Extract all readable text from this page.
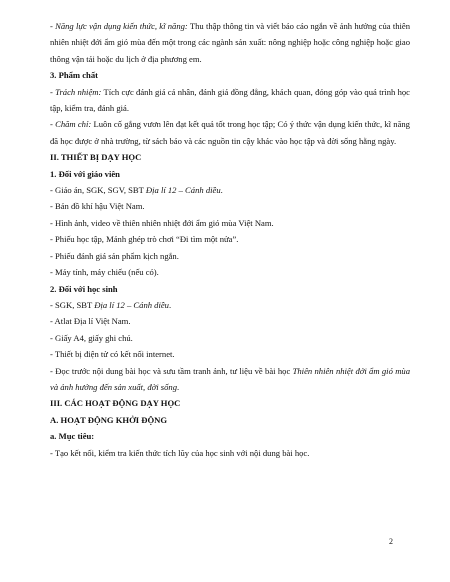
- Năng lực vận dụng kiến thức, kĩ năng: Thu thập thông tin và viết báo cáo ngắn về ảnh hưởng của thiên nhiên nhiệt đới ẩm gió mùa đến một trong các ngành sản xuất: nông nghiệp hoặc công nghiệp hoặc giao thông vận tải hoặc du lịch ở địa phương em.

3. Phẩm chất

- Trách nhiệm: Tích cực đánh giá cá nhân, đánh giá đồng đẳng, khách quan, đóng góp vào quá trình học tập, kiểm tra, đánh giá.

- Chăm chỉ: Luôn cố gắng vươn lên đạt kết quả tốt trong học tập; Có ý thức vận dụng kiến thức, kĩ năng đã học được ở nhà trường, từ sách báo và các nguồn tin cậy khác vào học tập và đời sống hằng ngày.

II. THIẾT BỊ DẠY HỌC

1. Đối với giáo viên

- Giáo án, SGK, SGV, SBT Địa lí 12 – Cánh diều.

- Bản đồ khí hậu Việt Nam.

- Hình ảnh, video về thiên nhiên nhiệt đới ẩm gió mùa Việt Nam.

- Phiếu học tập, Mảnh ghép trò chơi “Đi tìm một nửa”.

- Phiếu đánh giá sản phẩm kịch ngắn.

- Máy tính, máy chiếu (nếu có).

2. Đối với học sinh

- SGK, SBT Địa lí 12 – Cánh diều.

- Atlat Địa lí Việt Nam.

- Giấy A4, giấy ghi chú.

- Thiết bị điện tử có kết nối internet.

- Đọc trước nội dung bài học và sưu tầm tranh ảnh, tư liệu về bài học Thiên nhiên nhiệt đới ẩm gió mùa và ảnh hưởng đến sản xuất, đời sống.

III. CÁC HOẠT ĐỘNG DẠY HỌC

A. HOẠT ĐỘNG KHỞI ĐỘNG

a. Mục tiêu:

- Tạo kết nối, kiểm tra kiến thức tích lũy của học sinh với nội dung bài học.

2
